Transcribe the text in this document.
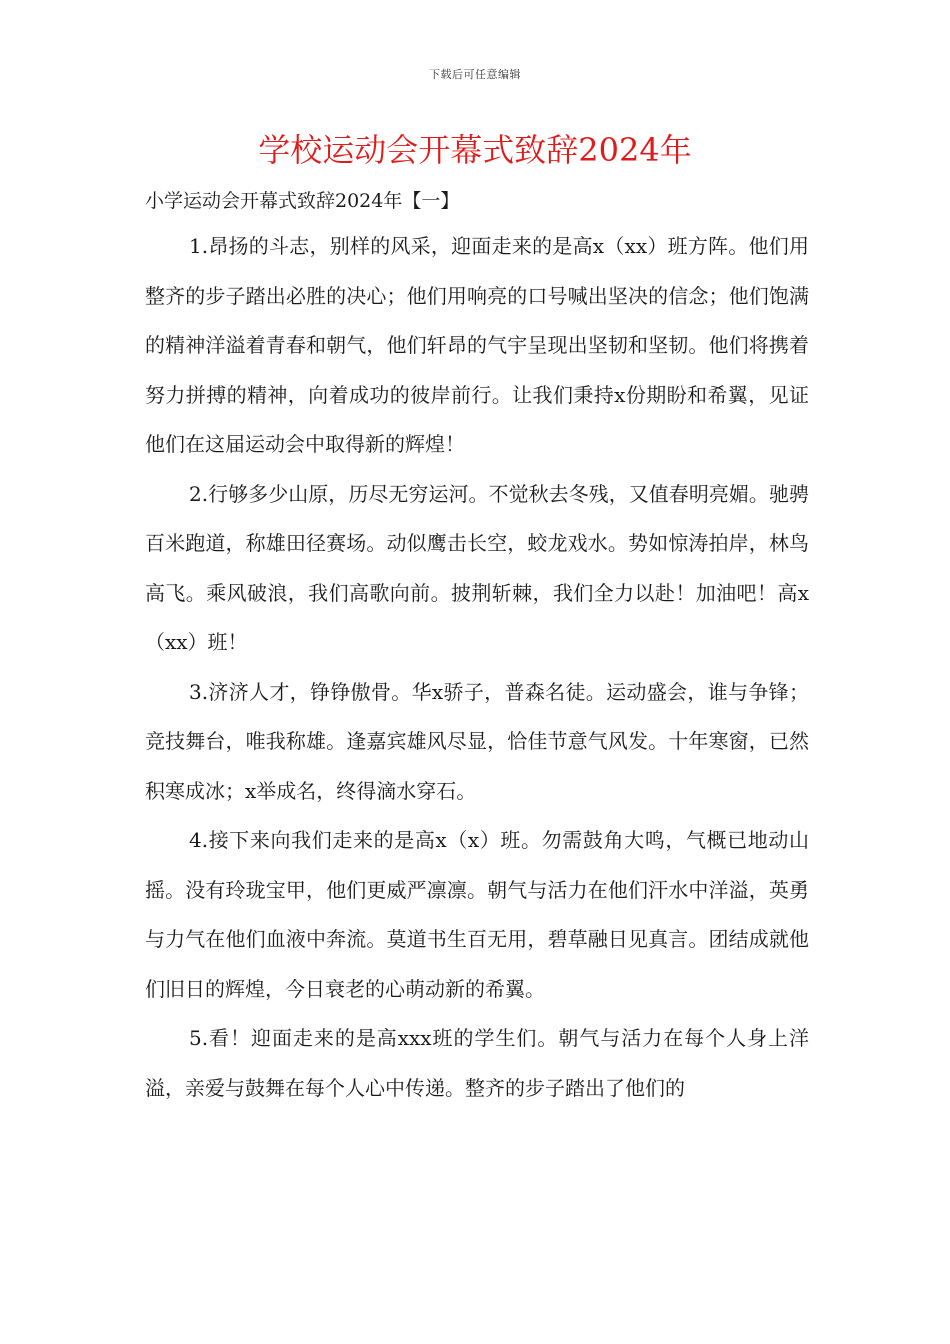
下载后可任意编辑
学校运动会开幕式致辞2024年

小学运动会开幕式致辞2024年【一】

1.昂扬的斗志，别样的风采，迎面走来的是高x（xx）班方阵。他们用整齐的步子踏出必胜的决心；他们用响亮的口号喊出坚决的信念；他们饱满的精神洋溢着青春和朝气，他们轩昂的气宇呈现出坚韧和坚韧。他们将携着努力拼搏的精神，向着成功的彼岸前行。让我们秉持x份期盼和希翼，见证他们在这届运动会中取得新的辉煌！

2.行够多少山原，历尽无穷运河。不觉秋去冬残，又值春明亮媚。驰骋百米跑道，称雄田径赛场。动似鹰击长空，蛟龙戏水。势如惊涛拍岸，林鸟高飞。乘风破浪，我们高歌向前。披荆斩棘，我们全力以赴！加油吧！高x（xx）班！

3.济济人才，铮铮傲骨。华x骄子，普森名徒。运动盛会，谁与争锋；竞技舞台，唯我称雄。逢嘉宾雄风尽显，恰佳节意气风发。十年寒窗，已然积寒成冰；x举成名，终得滴水穿石。

4.接下来向我们走来的是高x（x）班。勿需鼓角大鸣，气概已地动山摇。没有玲珑宝甲，他们更威严凛凛。朝气与活力在他们汗水中洋溢，英勇与力气在他们血液中奔流。莫道书生百无用，碧草融日见真言。团结成就他们旧日的辉煌，今日衰老的心萌动新的希翼。

5.看！迎面走来的是高xxx班的学生们。朝气与活力在每个人身上洋溢，亲爱与鼓舞在每个人心中传递。整齐的步子踏出了他们的
